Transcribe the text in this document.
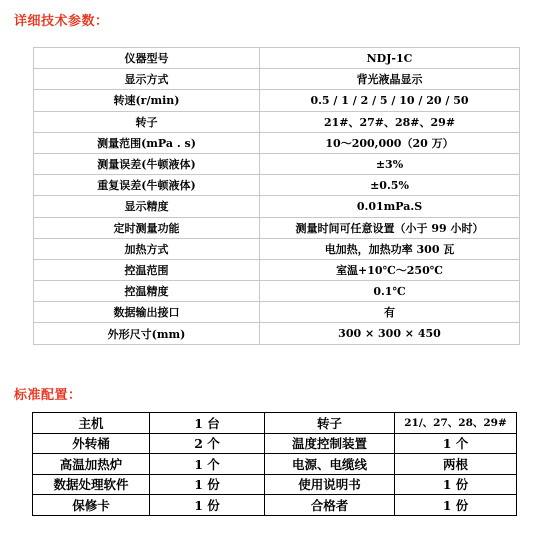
详细技术参数：
仪器型号	NDJ-1C
显示方式	背光液晶显示
转速(r/min)	0.5 / 1 / 2 / 5 / 10 / 20 / 50
转子	21#、27#、28#、29#
测量范围(mPa . s)	10～200,000（20 万）
测量误差(牛顿液体)	±3%
重复误差(牛顿液体)	±0.5%
显示精度	0.01mPa.S
定时测量功能	测量时间可任意设置（小于 99 小时）
加热方式	电加热，加热功率 300 瓦
控温范围	室温+10℃～250℃
控温精度	0.1℃
数据输出接口	有
外形尺寸(mm)	300 × 300 × 450
标准配置：
主机	1 台	转子	21/、27、28、29#
外转桶	2 个	温度控制装置	1 个
高温加热炉	1 个	电源、电缆线	两根
数据处理软件	1 份	使用说明书	1 份
保修卡	1 份	合格者	1 份
